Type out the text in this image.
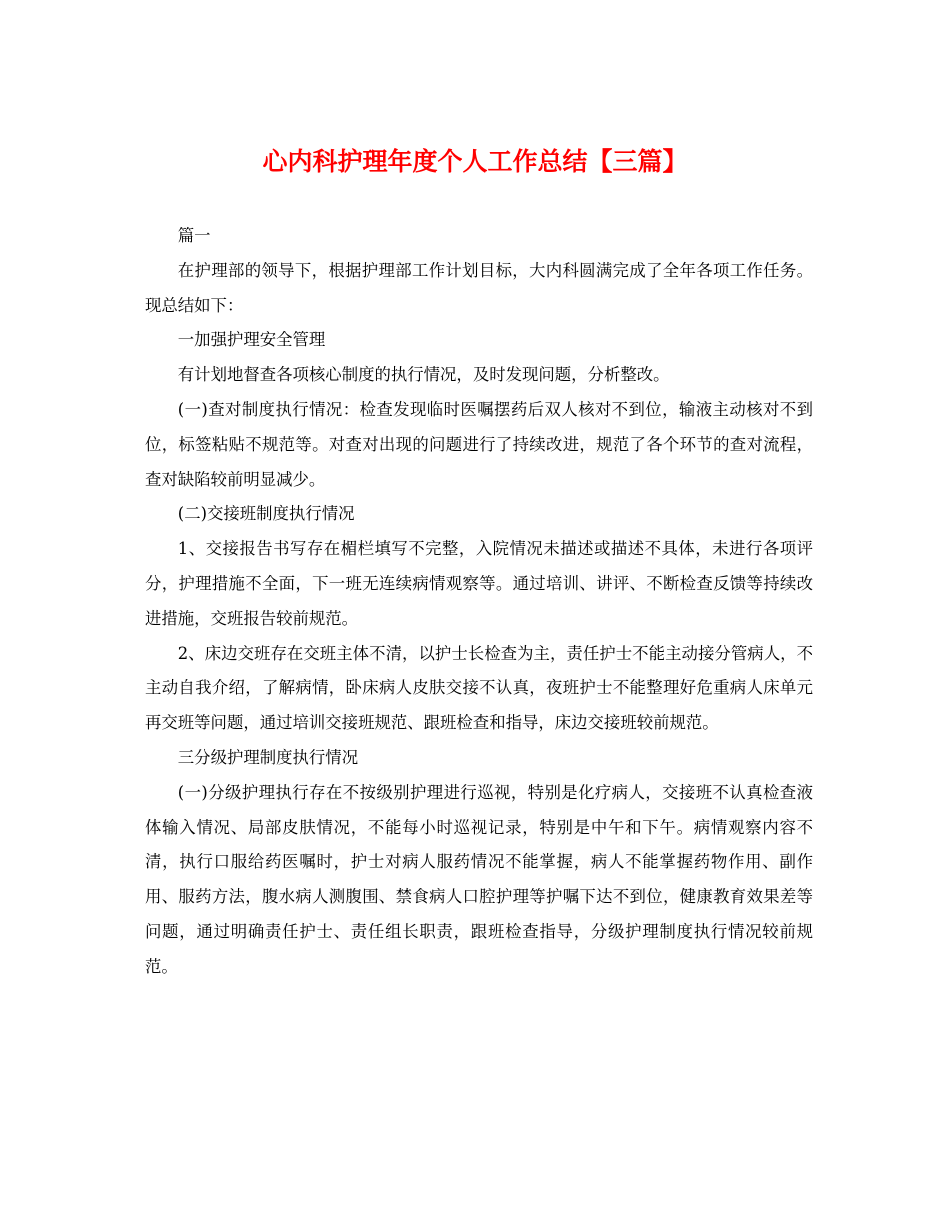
心内科护理年度个人工作总结【三篇】

篇一

在护理部的领导下，根据护理部工作计划目标，大内科圆满完成了全年各项工作任务。现总结如下：

一加强护理安全管理

有计划地督查各项核心制度的执行情况，及时发现问题，分析整改。

(一)查对制度执行情况：检查发现临时医嘱摆药后双人核对不到位，输液主动核对不到位，标签粘贴不规范等。对查对出现的问题进行了持续改进，规范了各个环节的查对流程，查对缺陷较前明显减少。

(二)交接班制度执行情况

1、交接报告书写存在楣栏填写不完整，入院情况未描述或描述不具体，未进行各项评分，护理措施不全面，下一班无连续病情观察等。通过培训、讲评、不断检查反馈等持续改进措施，交班报告较前规范。

2、床边交班存在交班主体不清，以护士长检查为主，责任护士不能主动接分管病人，不主动自我介绍，了解病情，卧床病人皮肤交接不认真，夜班护士不能整理好危重病人床单元再交班等问题，通过培训交接班规范、跟班检查和指导，床边交接班较前规范。

三分级护理制度执行情况

(一)分级护理执行存在不按级别护理进行巡视，特别是化疗病人，交接班不认真检查液体输入情况、局部皮肤情况，不能每小时巡视记录，特别是中午和下午。病情观察内容不清，执行口服给药医嘱时，护士对病人服药情况不能掌握，病人不能掌握药物作用、副作用、服药方法，腹水病人测腹围、禁食病人口腔护理等护嘱下达不到位，健康教育效果差等问题，通过明确责任护士、责任组长职责，跟班检查指导，分级护理制度执行情况较前规范。
